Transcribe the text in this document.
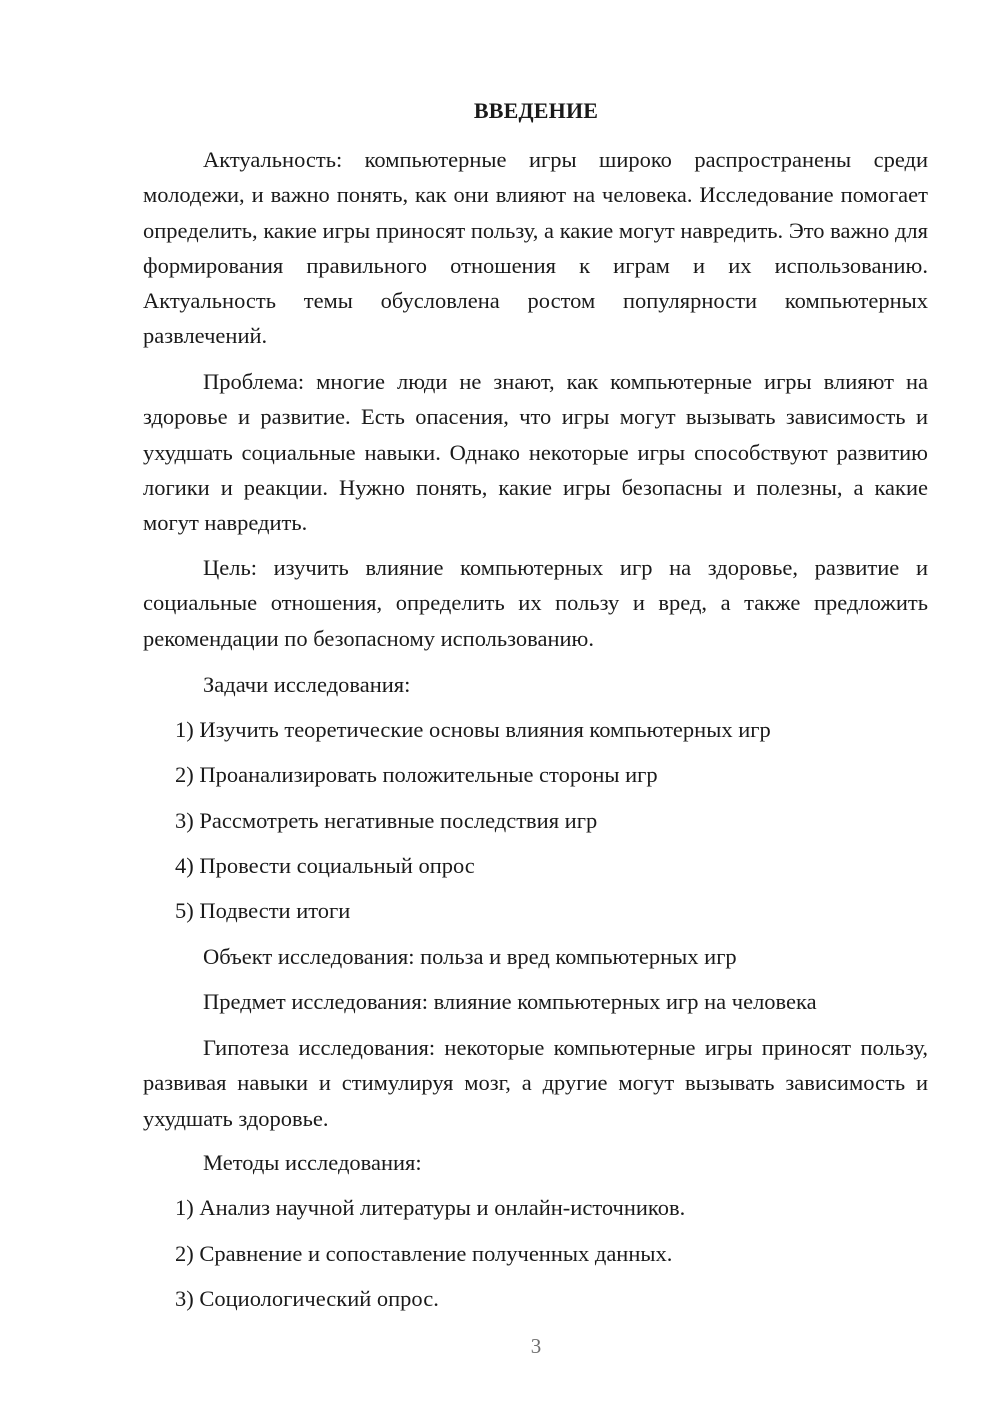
ВВЕДЕНИЕ

Актуальность: компьютерные игры широко распространены среди молодежи, и важно понять, как они влияют на человека. Исследование помогает определить, какие игры приносят пользу, а какие могут навредить. Это важно для формирования правильного отношения к играм и их использованию. Актуальность темы обусловлена ростом популярности компьютерных развлечений.

Проблема: многие люди не знают, как компьютерные игры влияют на здоровье и развитие. Есть опасения, что игры могут вызывать зависимость и ухудшать социальные навыки. Однако некоторые игры способствуют развитию логики и реакции. Нужно понять, какие игры безопасны и полезны, а какие могут навредить.

Цель: изучить влияние компьютерных игр на здоровье, развитие и социальные отношения, определить их пользу и вред, а также предложить рекомендации по безопасному использованию.

Задачи исследования:
1) Изучить теоретические основы влияния компьютерных игр
2) Проанализировать положительные стороны игр
3) Рассмотреть негативные последствия игр
4) Провести социальный опрос
5) Подвести итоги
Объект исследования: польза и вред компьютерных игр
Предмет исследования: влияние компьютерных игр на человека

Гипотеза исследования: некоторые компьютерные игры приносят пользу, развивая навыки и стимулируя мозг, а другие могут вызывать зависимость и ухудшать здоровье.

Методы исследования:
1) Анализ научной литературы и онлайн-источников.
2) Сравнение и сопоставление полученных данных.
3) Социологический опрос.
3
